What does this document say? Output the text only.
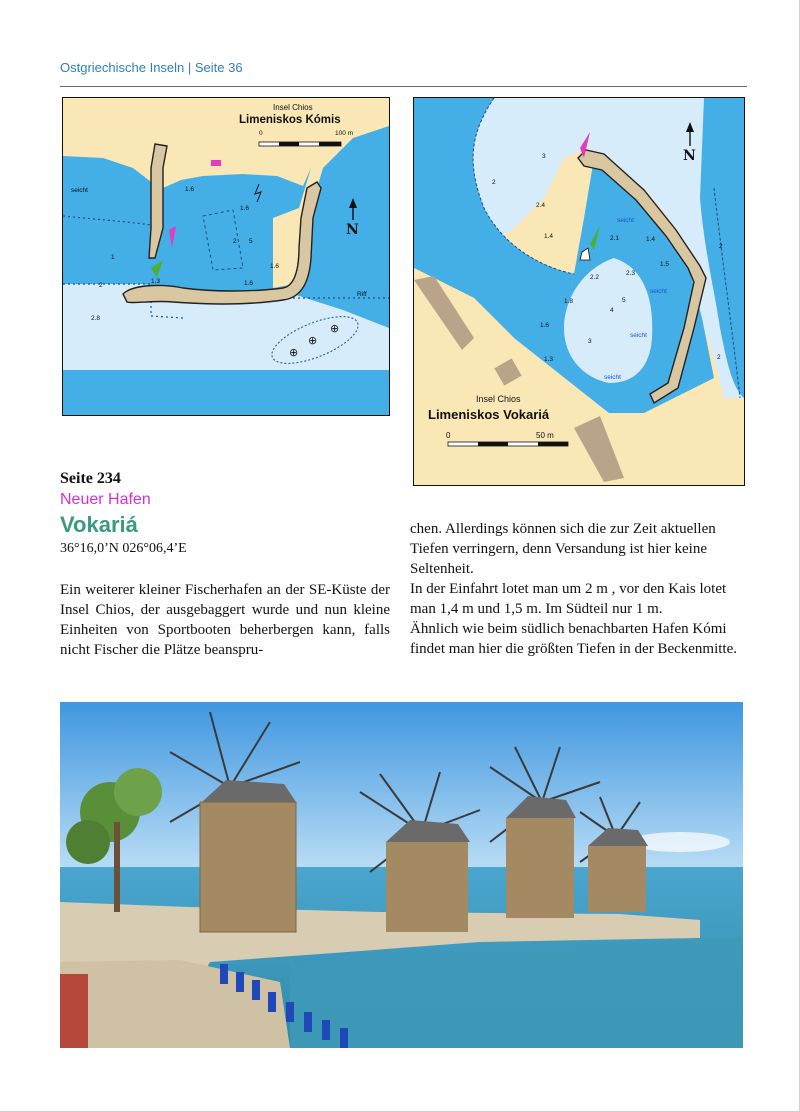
Ostgriechische Inseln | Seite 36
⊕
⊕
⊕
Insel Chios
Limeniskos Kómis
0	100 m
N
seicht
Riff
1.6
1.6
2 5
1
2
1.3
1.6
1.6
2.8
N
3
2
2.4
1.4	2.1	1.4
2.2
2.3
1.5
1.8	5
4
1.6
3
2
1.3
2
seicht
seicht
seicht
seicht
Insel Chios
Limeniskos Vokariá
0	50 m
Seite 234
Neuer Hafen
Vokariá
36°16,0’N 026°06,4’E

Ein weiterer kleiner Fischerhafen an der SE-Küste der Insel Chios, der ausgebaggert wurde und nun kleine Einheiten von Sportbooten beherbergen kann, falls nicht Fischer die Plätze beanspru-

chen. Allerdings können sich die zur Zeit aktuellen Tiefen verringern, denn Versandung ist hier keine Seltenheit.

In der Einfahrt lotet man um 2 m , vor den Kais lotet man 1,4 m und 1,5 m. Im Südteil nur 1 m.

Ähnlich wie beim südlich benachbarten Hafen Kómi findet man hier die größten Tiefen in der Beckenmitte.
